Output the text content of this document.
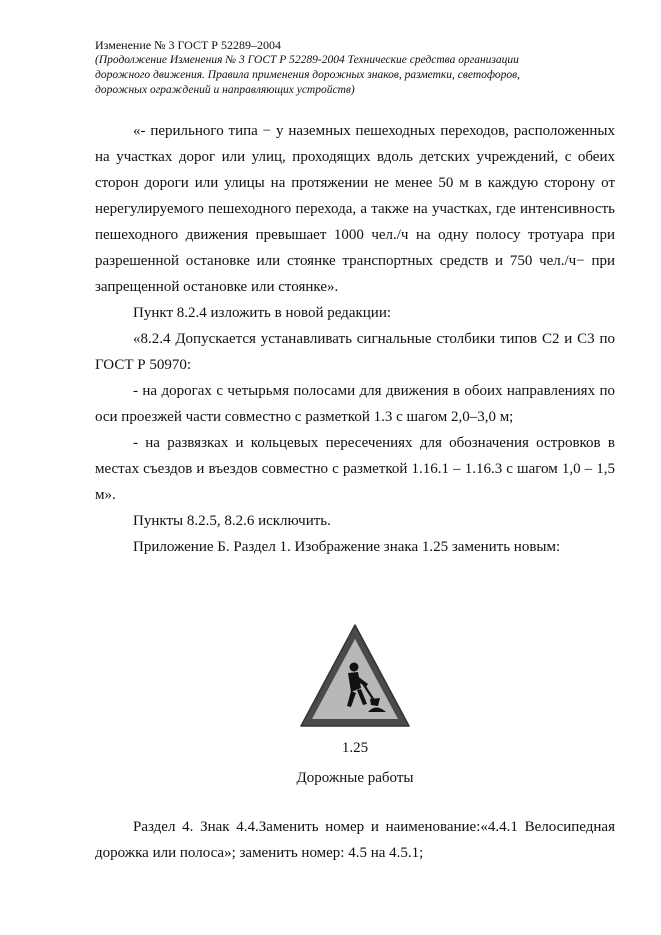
Изменение № 3 ГОСТ Р 52289–2004
(Продолжение Изменения № 3 ГОСТ Р 52289-2004 Технические средства организации
дорожного движения. Правила применения дорожных знаков, разметки, светофоров,
дорожных ограждений и направляющих устройств)

«- перильного типа − у наземных пешеходных переходов, расположенных на участках дорог или улиц, проходящих вдоль детских учреждений, с обеих сторон дороги или улицы на протяжении не менее 50 м в каждую сторону от нерегулируемого пешеходного перехода, а также на участках, где интенсивность пешеходного движения превышает 1000 чел./ч на одну полосу тротуара при разрешенной остановке или стоянке транспортных средств и 750 чел./ч− при запрещенной остановке или стоянке».

Пункт 8.2.4 изложить в новой редакции:

«8.2.4 Допускается устанавливать сигнальные столбики типов С2 и С3 по ГОСТ Р 50970:

- на дорогах с четырьмя полосами для движения в обоих направлениях по оси проезжей части совместно с разметкой 1.3 с шагом 2,0–3,0 м;

- на развязках и кольцевых пересечениях для обозначения островков в местах съездов и въездов совместно с разметкой 1.16.1 – 1.16.3 с шагом 1,0 – 1,5 м».

Пункты 8.2.5, 8.2.6 исключить.

Приложение Б. Раздел 1. Изображение знака 1.25 заменить новым:

1.25
Дорожные работы

Раздел 4. Знак 4.4.Заменить номер и наименование:«4.4.1 Велосипедная дорожка или полоса»; заменить номер: 4.5 на 4.5.1;
